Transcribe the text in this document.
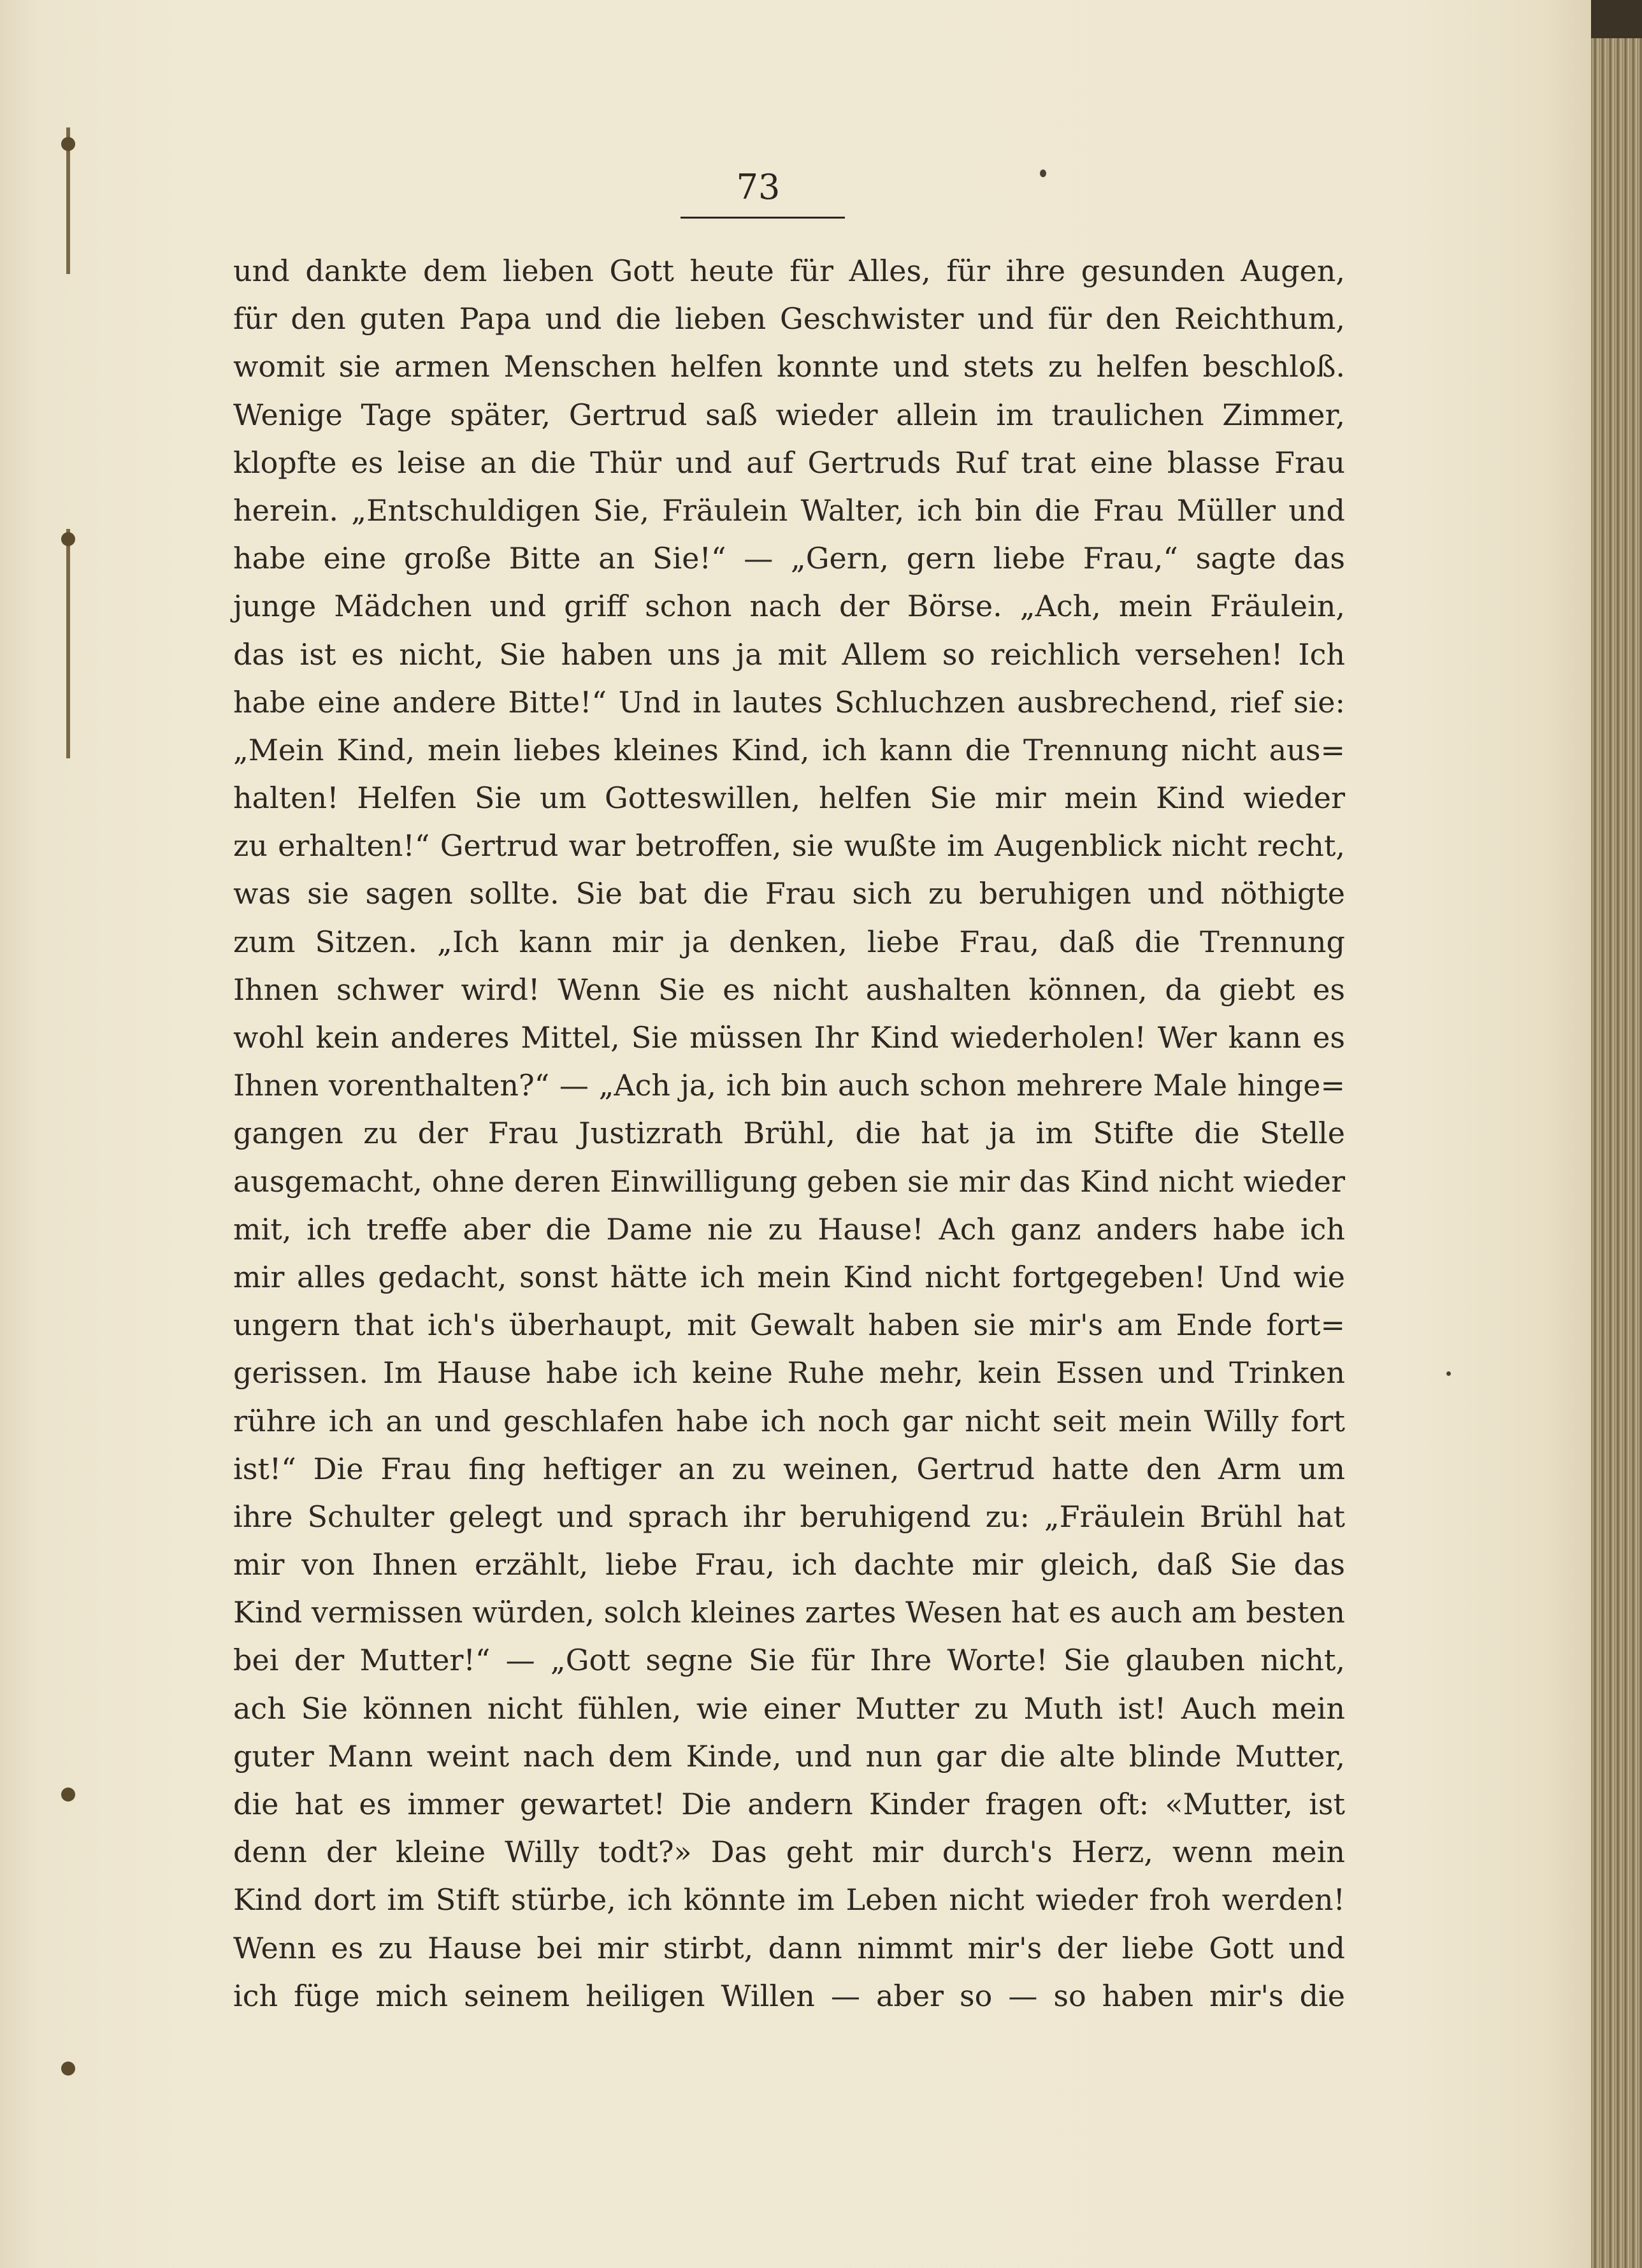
73
und dankte dem lieben Gott heute für Alles, für ihre gesunden Augen,
für den guten Papa und die lieben Geschwister und für den Reichthum,
womit sie armen Menschen helfen konnte und stets zu helfen beschloß.
Wenige Tage später, Gertrud saß wieder allein im traulichen Zimmer,
klopfte es leise an die Thür und auf Gertruds Ruf trat eine blasse Frau
herein. „Entschuldigen Sie, Fräulein Walter, ich bin die Frau Müller und
habe eine große Bitte an Sie!“ — „Gern, gern liebe Frau,“ sagte das
junge Mädchen und griff schon nach der Börse. „Ach, mein Fräulein,
das ist es nicht, Sie haben uns ja mit Allem so reichlich versehen! Ich
habe eine andere Bitte!“ Und in lautes Schluchzen ausbrechend, rief sie:
„Mein Kind, mein liebes kleines Kind, ich kann die Trennung nicht aus=
halten! Helfen Sie um Gotteswillen, helfen Sie mir mein Kind wieder
zu erhalten!“ Gertrud war betroffen, sie wußte im Augenblick nicht recht,
was sie sagen sollte. Sie bat die Frau sich zu beruhigen und nöthigte
zum Sitzen. „Ich kann mir ja denken, liebe Frau, daß die Trennung
Ihnen schwer wird! Wenn Sie es nicht aushalten können, da giebt es
wohl kein anderes Mittel, Sie müssen Ihr Kind wiederholen! Wer kann es
Ihnen vorenthalten?“ — „Ach ja, ich bin auch schon mehrere Male hinge=
gangen zu der Frau Justizrath Brühl, die hat ja im Stifte die Stelle
ausgemacht, ohne deren Einwilligung geben sie mir das Kind nicht wieder
mit, ich treffe aber die Dame nie zu Hause! Ach ganz anders habe ich
mir alles gedacht, sonst hätte ich mein Kind nicht fortgegeben! Und wie
ungern that ich's überhaupt, mit Gewalt haben sie mir's am Ende fort=
gerissen. Im Hause habe ich keine Ruhe mehr, kein Essen und Trinken
rühre ich an und geschlafen habe ich noch gar nicht seit mein Willy fort
ist!“ Die Frau fing heftiger an zu weinen, Gertrud hatte den Arm um
ihre Schulter gelegt und sprach ihr beruhigend zu: „Fräulein Brühl hat
mir von Ihnen erzählt, liebe Frau, ich dachte mir gleich, daß Sie das
Kind vermissen würden, solch kleines zartes Wesen hat es auch am besten
bei der Mutter!“ — „Gott segne Sie für Ihre Worte! Sie glauben nicht,
ach Sie können nicht fühlen, wie einer Mutter zu Muth ist! Auch mein
guter Mann weint nach dem Kinde, und nun gar die alte blinde Mutter,
die hat es immer gewartet! Die andern Kinder fragen oft: «Mutter, ist
denn der kleine Willy todt?» Das geht mir durch's Herz, wenn mein
Kind dort im Stift stürbe, ich könnte im Leben nicht wieder froh werden!
Wenn es zu Hause bei mir stirbt, dann nimmt mir's der liebe Gott und
ich füge mich seinem heiligen Willen — aber so — so haben mir's die
